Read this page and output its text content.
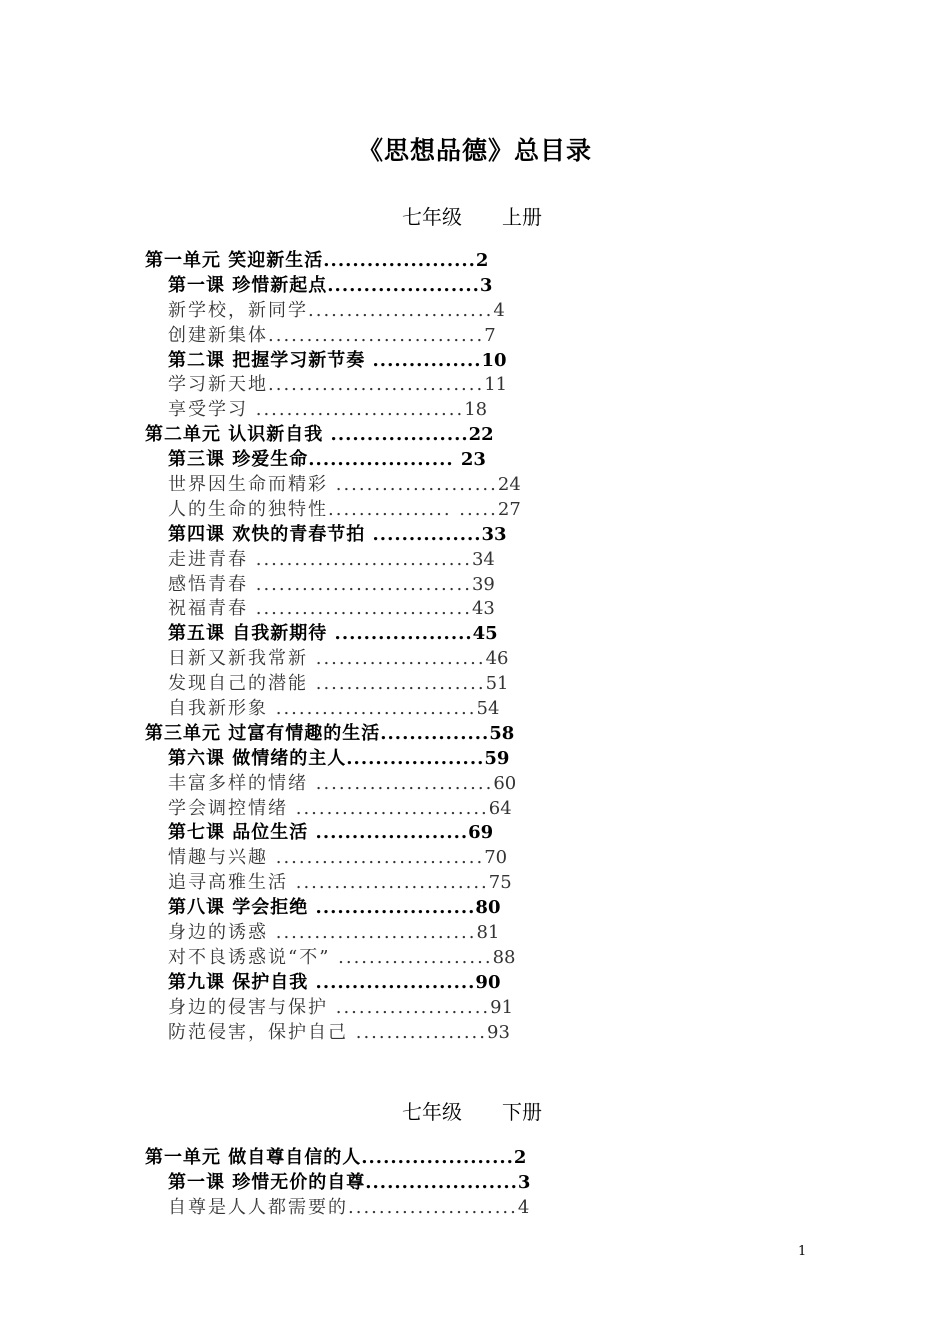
《思想品德》总目录
七年级 上册
第一单元 笑迎新生活.....................2
第一课 珍惜新起点.....................3
新学校，新同学........................4
创建新集体............................7
第二课 把握学习新节奏 ...............10
学习新天地............................11
享受学习 ...........................18
第二单元 认识新自我 ...................22
第三课 珍爱生命.................... 23
世界因生命而精彩 .....................24
人的生命的独特性................ .....27
第四课 欢快的青春节拍 ...............33
走进青春 ............................34
感悟青春 ............................39
祝福青春 ............................43
第五课 自我新期待 ...................45
日新又新我常新 ......................46
发现自己的潜能 ......................51
自我新形象 ..........................54
第三单元 过富有情趣的生活...............58
第六课 做情绪的主人...................59
丰富多样的情绪 .......................60
学会调控情绪 .........................64
第七课 品位生活 .....................69
情趣与兴趣 ...........................70
追寻高雅生活 .........................75
第八课 学会拒绝 ......................80
身边的诱惑 ..........................81
对不良诱惑说“不” ....................88
第九课 保护自我 ......................90
身边的侵害与保护 ....................91
防范侵害，保护自己 .................93
七年级 下册
第一单元 做自尊自信的人.....................2
第一课 珍惜无价的自尊.....................3
自尊是人人都需要的......................4
1
